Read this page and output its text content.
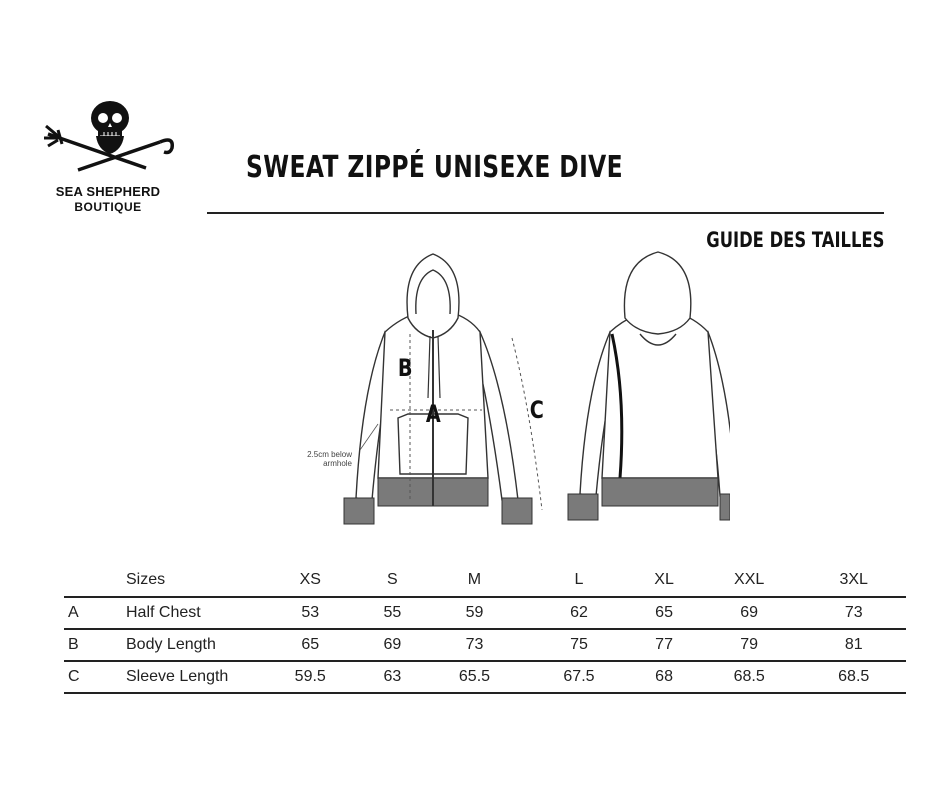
SEA SHEPHERD
BOUTIQUE
SWEAT ZIPPÉ UNISEXE DIVE
GUIDE DES TAILLES
B
A	C
2.5cm below
armhole
	Sizes	XS	S	M	L	XL	XXL	3XL
A	Half Chest	53	55	59	62	65	69	73
B	Body Length	65	69	73	75	77	79	81
C	Sleeve Length	59.5	63	65.5	67.5	68	68.5	68.5
